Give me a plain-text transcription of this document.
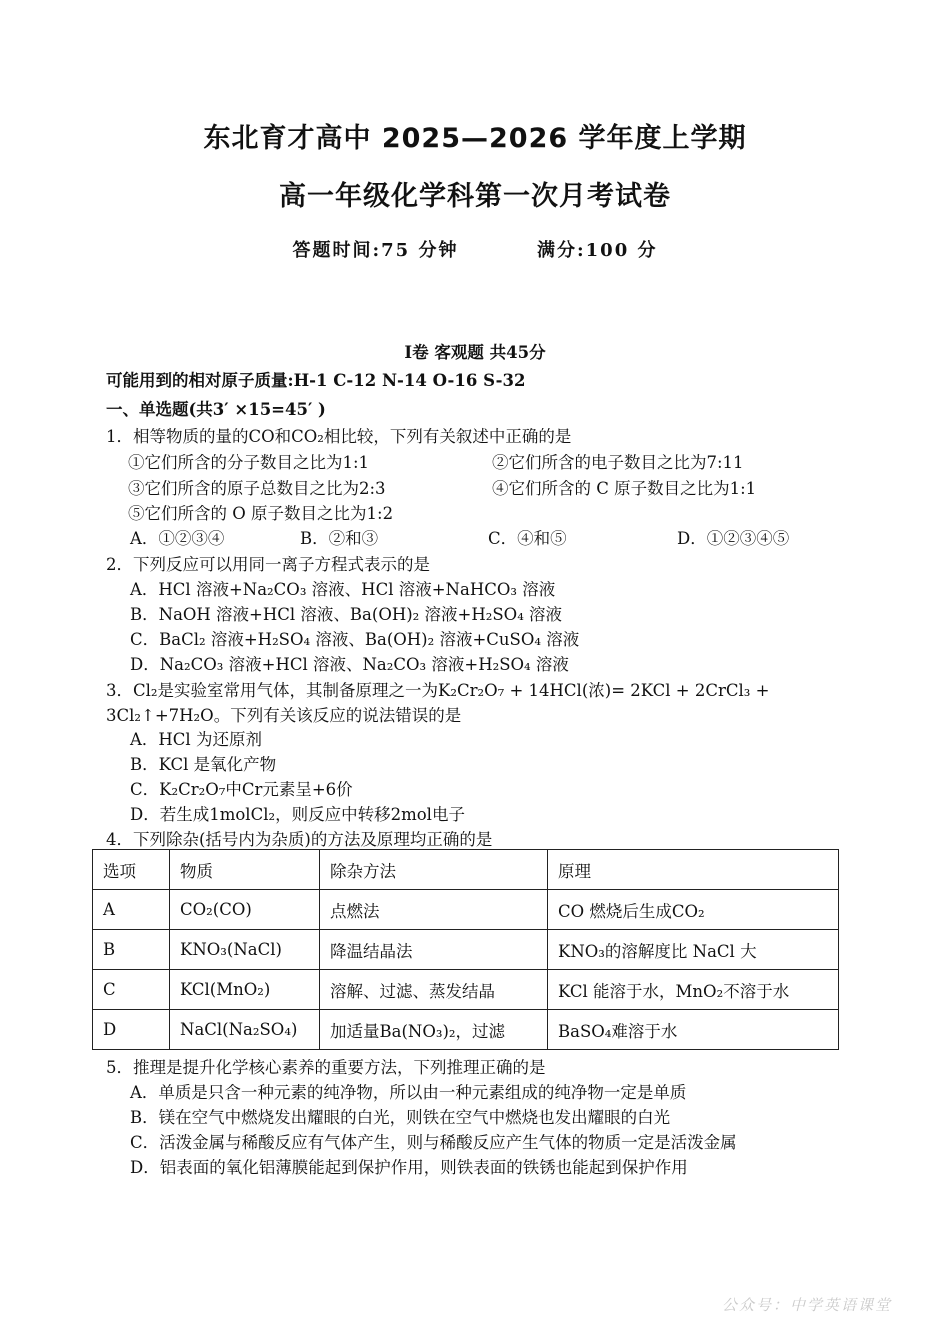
东北育才高中 2025—2026 学年度上学期
高一年级化学科第一次月考试卷
答题时间:75 分钟	满分:100 分
I卷 客观题 共45分
可能用到的相对原子质量:H-1 C-12 N-14 O-16 S-32
一、单选题(共3′ ×15=45′ )
1．相等物质的量的CO和CO₂相比较，下列有关叙述中正确的是
①它们所含的分子数目之比为1:1	②它们所含的电子数目之比为7:11
③它们所含的原子总数目之比为2:3	④它们所含的 C 原子数目之比为1:1
⑤它们所含的 O 原子数目之比为1:2
A．①②③④	B．②和③	C．④和⑤	D．①②③④⑤
2．下列反应可以用同一离子方程式表示的是
A．HCl 溶液+Na₂CO₃ 溶液、HCl 溶液+NaHCO₃ 溶液
B．NaOH 溶液+HCl 溶液、Ba(OH)₂ 溶液+H₂SO₄ 溶液
C．BaCl₂ 溶液+H₂SO₄ 溶液、Ba(OH)₂ 溶液+CuSO₄ 溶液
D．Na₂CO₃ 溶液+HCl 溶液、Na₂CO₃ 溶液+H₂SO₄ 溶液
3．Cl₂是实验室常用气体，其制备原理之一为K₂Cr₂O₇ + 14HCl(浓)= 2KCl + 2CrCl₃ +
3Cl₂↑+7H₂O。下列有关该反应的说法错误的是
A．HCl 为还原剂
B．KCl 是氧化产物
C．K₂Cr₂O₇中Cr元素呈+6价
D．若生成1molCl₂，则反应中转移2mol电子
4．下列除杂(括号内为杂质)的方法及原理均正确的是
选项	物质	除杂方法	原理
A	CO₂(CO)	点燃法	CO 燃烧后生成CO₂
B	KNO₃(NaCl)	降温结晶法	KNO₃的溶解度比 NaCl 大
C	KCl(MnO₂)	溶解、过滤、蒸发结晶	KCl 能溶于水，MnO₂不溶于水
D	NaCl(Na₂SO₄)	加适量Ba(NO₃)₂，过滤	BaSO₄难溶于水
5．推理是提升化学核心素养的重要方法，下列推理正确的是
A．单质是只含一种元素的纯净物，所以由一种元素组成的纯净物一定是单质
B．镁在空气中燃烧发出耀眼的白光，则铁在空气中燃烧也发出耀眼的白光
C．活泼金属与稀酸反应有气体产生，则与稀酸反应产生气体的物质一定是活泼金属
D．铝表面的氧化铝薄膜能起到保护作用，则铁表面的铁锈也能起到保护作用
公众号：中学英语课堂
